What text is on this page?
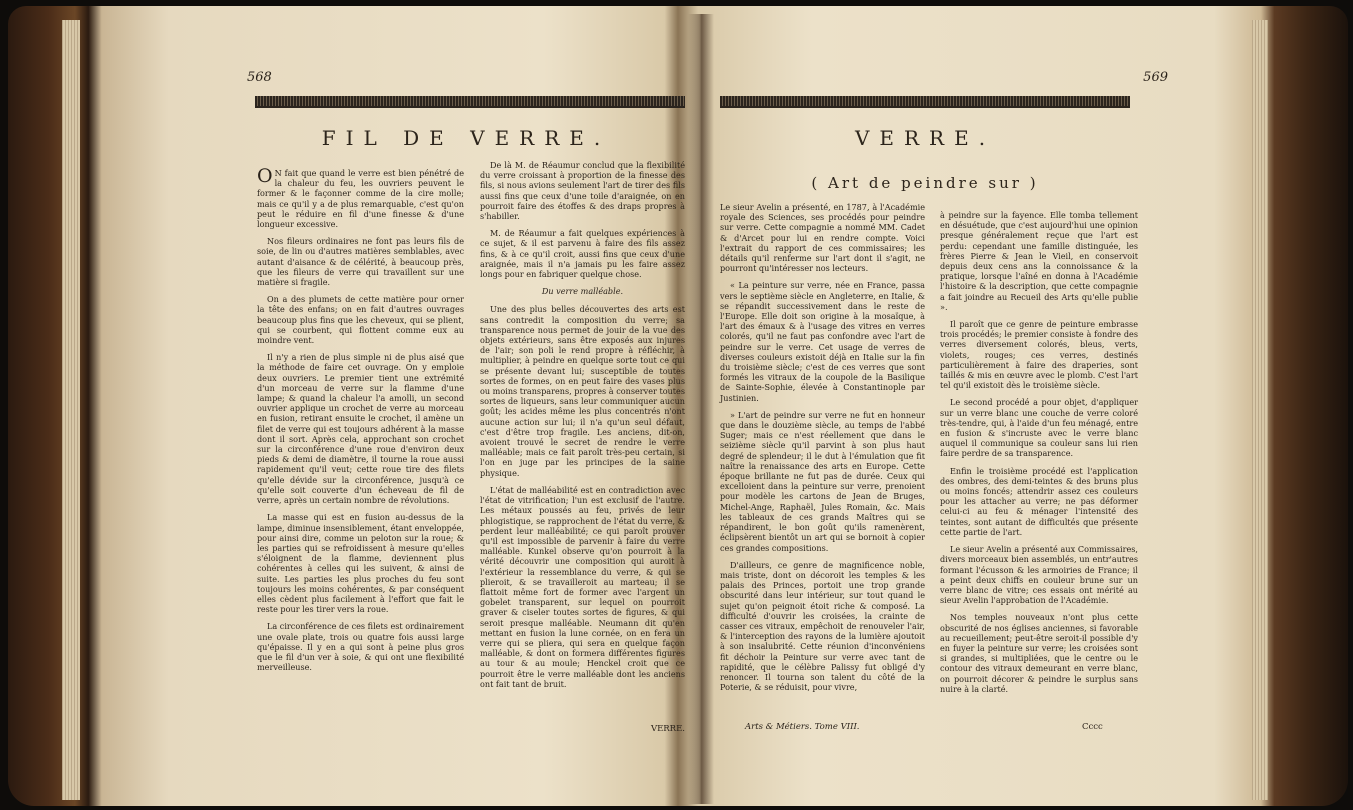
568
FIL DE VERRE.

O N fait que quand le verre est bien pénétré de la chaleur du feu, les ouvriers peuvent le former & le façonner comme de la cire molle; mais ce qu'il y a de plus remarquable, c'est qu'on peut le réduire en fil d'une finesse & d'une longueur excessive.

Nos fileurs ordinaires ne font pas leurs fils de soie, de lin ou d'autres matières semblables, avec autant d'aisance & de célérité, à beaucoup près, que les fileurs de verre qui travaillent sur une matière si fragile.

On a des plumets de cette matière pour orner la tête des enfans; on en fait d'autres ouvrages beaucoup plus fins que les cheveux, qui se plient, qui se courbent, qui flottent comme eux au moindre vent.

Il n'y a rien de plus simple ni de plus aisé que la méthode de faire cet ouvrage. On y emploie deux ouvriers. Le premier tient une extrémité d'un morceau de verre sur la flamme d'une lampe; & quand la chaleur l'a amolli, un second ouvrier applique un crochet de verre au morceau en fusion, retirant ensuite le crochet, il amène un filet de verre qui est toujours adhérent à la masse dont il sort. Après cela, approchant son crochet sur la circonférence d'une roue d'environ deux pieds & demi de diamètre, il tourne la roue aussi rapidement qu'il veut; cette roue tire des filets qu'elle dévide sur la circonférence, jusqu'à ce qu'elle soit couverte d'un écheveau de fil de verre, après un certain nombre de révolutions.

La masse qui est en fusion au-dessus de la lampe, diminue insensiblement, étant enveloppée, pour ainsi dire, comme un peloton sur la roue; & les parties qui se refroidissent à mesure qu'elles s'éloignent de la flamme, deviennent plus cohérentes à celles qui les suivent, & ainsi de suite. Les parties les plus proches du feu sont toujours les moins cohérentes, & par conséquent elles cèdent plus facilement à l'effort que fait le reste pour les tirer vers la roue.

La circonférence de ces filets est ordinairement une ovale plate, trois ou quatre fois aussi large qu'épaisse. Il y en a qui sont à peine plus gros que le fil d'un ver à soie, & qui ont une flexibilité merveilleuse.

De là M. de Réaumur conclud que la flexibilité du verre croissant à proportion de la finesse des fils, si nous avions seulement l'art de tirer des fils aussi fins que ceux d'une toile d'araignée, on en pourroit faire des étoffes & des draps propres à s'habiller.

M. de Réaumur a fait quelques expériences à ce sujet, & il est parvenu à faire des fils assez fins, & à ce qu'il croit, aussi fins que ceux d'une araignée, mais il n'a jamais pu les faire assez longs pour en fabriquer quelque chose.

Du verre malléable.

Une des plus belles découvertes des arts est sans contredit la composition du verre; sa transparence nous permet de jouir de la vue des objets extérieurs, sans être exposés aux injures de l'air; son poli le rend propre à réfléchir, à multiplier, à peindre en quelque sorte tout ce qui se présente devant lui; susceptible de toutes sortes de formes, on en peut faire des vases plus ou moins transparens, propres à conserver toutes sortes de liqueurs, sans leur communiquer aucun goût; les acides même les plus concentrés n'ont aucune action sur lui; il n'a qu'un seul défaut, c'est d'être trop fragile. Les anciens, dit-on, avoient trouvé le secret de rendre le verre malléable; mais ce fait paroît très-peu certain, si l'on en juge par les principes de la saine physique.

L'état de malléabilité est en contradiction avec l'état de vitrification; l'un est exclusif de l'autre. Les métaux poussés au feu, privés de leur phlogistique, se rapprochent de l'état du verre, & perdent leur malléabilité; ce qui paroît prouver qu'il est impossible de parvenir à faire du verre malléable. Kunkel observe qu'on pourroit à la vérité découvrir une composition qui auroit à l'extérieur la ressemblance du verre, & qui se plieroit, & se travailleroit au marteau; il se flattoit même fort de former avec l'argent un gobelet transparent, sur lequel on pourroit graver & ciseler toutes sortes de figures, & qui seroit presque malléable. Neumann dit qu'en mettant en fusion la lune cornée, on en fera un verre qui se pliera, qui sera en quelque façon malléable, & dont on formera différentes figures au tour & au moule; Henckel croit que ce pourroit être le verre malléable dont les anciens ont fait tant de bruit.

VERRE.
569
VERRE.
( Art de peindre sur )

Le sieur Avelin a présenté, en 1787, à l'Académie royale des Sciences, ses procédés pour peindre sur verre. Cette compagnie a nommé MM. Cadet & d'Arcet pour lui en rendre compte. Voici l'extrait du rapport de ces commissaires; les détails qu'il renferme sur l'art dont il s'agit, ne pourront qu'intéresser nos lecteurs.

« La peinture sur verre, née en France, passa vers le septième siècle en Angleterre, en Italie, & se répandit successivement dans le reste de l'Europe. Elle doit son origine à la mosaïque, à l'art des émaux & à l'usage des vitres en verres colorés, qu'il ne faut pas confondre avec l'art de peindre sur le verre. Cet usage de verres de diverses couleurs existoit déjà en Italie sur la fin du troisième siècle; c'est de ces verres que sont formés les vitraux de la coupole de la Basilique de Sainte-Sophie, élevée à Constantinople par Justinien.

» L'art de peindre sur verre ne fut en honneur que dans le douzième siècle, au temps de l'abbé Suger; mais ce n'est réellement que dans le seizième siècle qu'il parvint à son plus haut degré de splendeur; il le dut à l'émulation que fit naître la renaissance des arts en Europe. Cette époque brillante ne fut pas de durée. Ceux qui excelloient dans la peinture sur verre, prenoient pour modèle les cartons de Jean de Bruges, Michel-Ange, Raphaël, Jules Romain, &c. Mais les tableaux de ces grands Maîtres qui se répandirent, le bon goût qu'ils ramenèrent, éclipsèrent bientôt un art qui se bornoit à copier ces grandes compositions.

D'ailleurs, ce genre de magnificence noble, mais triste, dont on décoroit les temples & les palais des Princes, portoit une trop grande obscurité dans leur intérieur, sur tout quand le sujet qu'on peignoit étoit riche & composé. La difficulté d'ouvrir les croisées, la crainte de casser ces vitraux, empêchoit de renouveler l'air, & l'interception des rayons de la lumière ajoutoit à son insalubrité. Cette réunion d'inconvéniens fit déchoir la Peinture sur verre avec tant de rapidité, que le célèbre Palissy fut obligé d'y renoncer. Il tourna son talent du côté de la Poterie, & se réduisit, pour vivre,

à peindre sur la fayence. Elle tomba tellement en désuétude, que c'est aujourd'hui une opinion presque généralement reçue que l'art est perdu: cependant une famille distinguée, les frères Pierre & Jean le Vieil, en conservoit depuis deux cens ans la connoissance & la pratique, lorsque l'aîné en donna à l'Académie l'histoire & la description, que cette compagnie a fait joindre au Recueil des Arts qu'elle publie ».

Il paroît que ce genre de peinture embrasse trois procédés; le premier consiste à fondre des verres diversement colorés, bleus, verts, violets, rouges; ces verres, destinés particulièrement à faire des draperies, sont taillés & mis en œuvre avec le plomb. C'est l'art tel qu'il existoit dès le troisième siècle.

Le second procédé a pour objet, d'appliquer sur un verre blanc une couche de verre coloré très-tendre, qui, à l'aide d'un feu ménagé, entre en fusion & s'incruste avec le verre blanc auquel il communique sa couleur sans lui rien faire perdre de sa transparence.

Enfin le troisième procédé est l'application des ombres, des demi-teintes & des bruns plus ou moins foncés; attendrir assez ces couleurs pour les attacher au verre; ne pas déformer celui-ci au feu & ménager l'intensité des teintes, sont autant de difficultés que présente cette partie de l'art.

Le sieur Avelin a présenté aux Commissaires, divers morceaux bien assemblés, un entr'autres formant l'écusson & les armoiries de France; il a peint deux chiffs en couleur brune sur un verre blanc de vitre; ces essais ont mérité au sieur Avelin l'approbation de l'Académie.

Nos temples nouveaux n'ont plus cette obscurité de nos églises anciennes, si favorable au recueillement; peut-être seroit-il possible d'y en fuyer la peinture sur verre; les croisées sont si grandes, si multipliées, que le centre ou le contour des vitraux demeurant en verre blanc, on pourroit décorer & peindre le surplus sans nuire à la clarté.

Arts & Métiers. Tome VIII.	Cccc
